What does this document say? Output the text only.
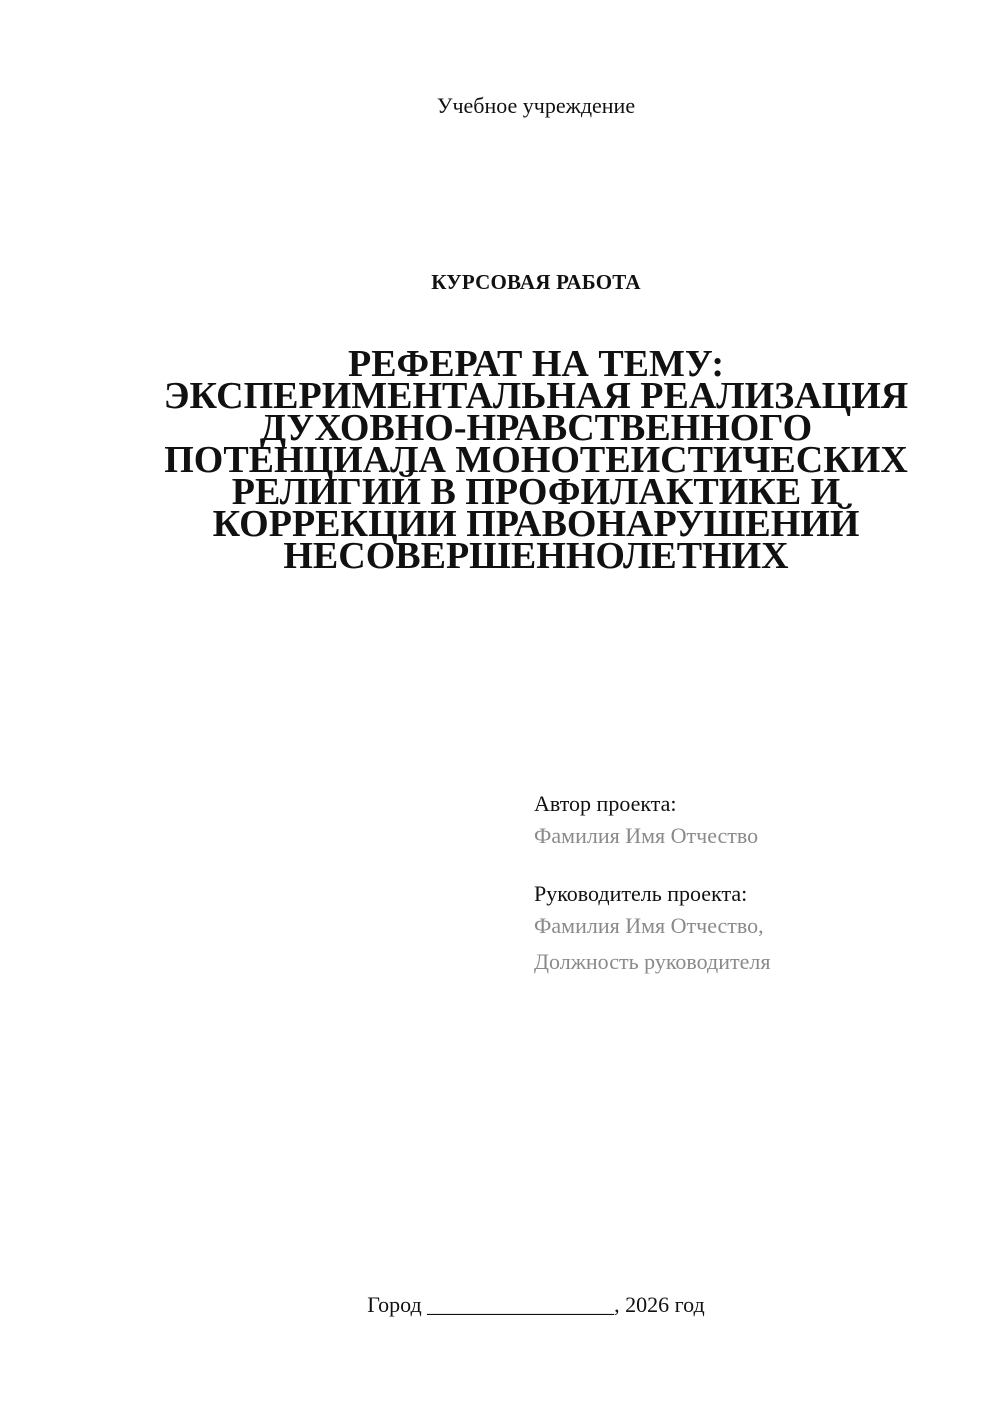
Учебное учреждение
КУРСОВАЯ РАБОТА
РЕФЕРАТ НА ТЕМУ:
ЭКСПЕРИМЕНТАЛЬНАЯ РЕАЛИЗАЦИЯ
ДУХОВНО-НРАВСТВЕННОГО
ПОТЕНЦИАЛА МОНОТЕИСТИЧЕСКИХ
РЕЛИГИЙ В ПРОФИЛАКТИКЕ И
КОРРЕКЦИИ ПРАВОНАРУШЕНИЙ
НЕСОВЕРШЕННОЛЕТНИХ
Автор проекта:
Фамилия Имя Отчество
Руководитель проекта:
Фамилия Имя Отчество,
Должность руководителя
Город _________________, 2026 год
